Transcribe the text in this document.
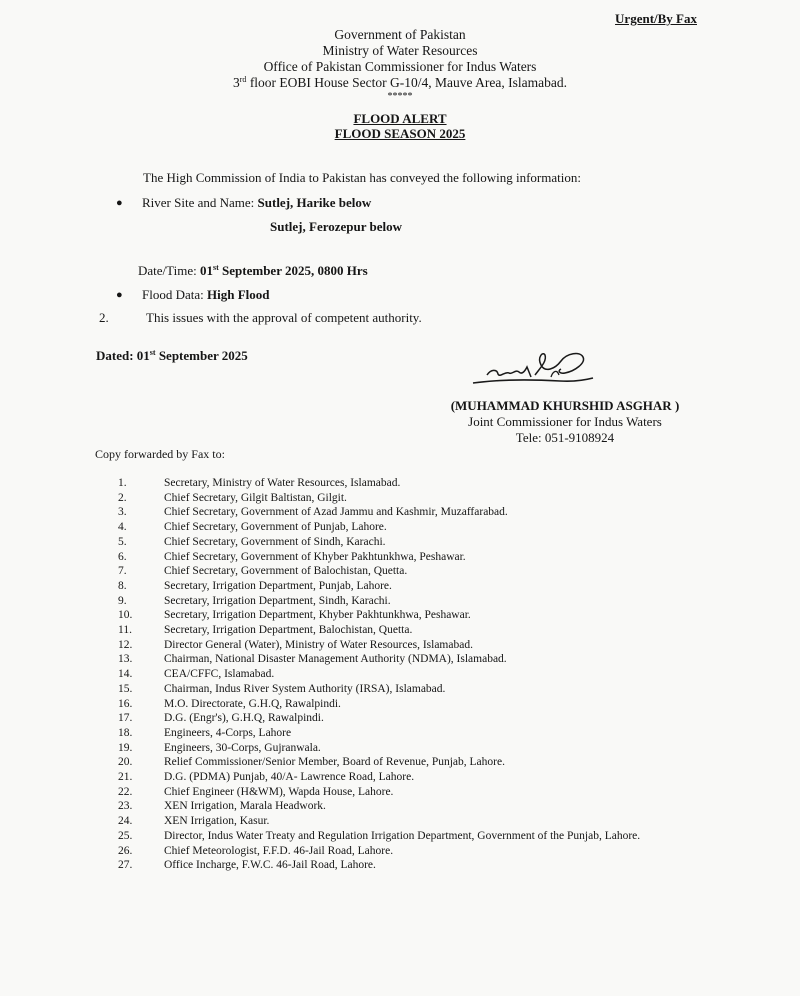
Urgent/By Fax
Government of Pakistan
Ministry of Water Resources
Office of Pakistan Commissioner for Indus Waters
3rd floor EOBI House Sector G-10/4, Mauve Area, Islamabad.
*****
FLOOD ALERT
FLOOD SEASON 2025
The High Commission of India to Pakistan has conveyed the following information:
● River Site and Name: Sutlej, Harike below
Sutlej, Ferozepur below
Date/Time: 01st September 2025, 0800 Hrs
● Flood Data: High Flood
2.	This issues with the approval of competent authority.
Dated: 01st September 2025
(MUHAMMAD KHURSHID ASGHAR )
Joint Commissioner for Indus Waters
Tele: 051-9108924
Copy forwarded by Fax to:
1.	Secretary, Ministry of Water Resources, Islamabad.
2.	Chief Secretary, Gilgit Baltistan, Gilgit.
3.	Chief Secretary, Government of Azad Jammu and Kashmir, Muzaffarabad.
4.	Chief Secretary, Government of Punjab, Lahore.
5.	Chief Secretary, Government of Sindh, Karachi.
6.	Chief Secretary, Government of Khyber Pakhtunkhwa, Peshawar.
7.	Chief Secretary, Government of Balochistan, Quetta.
8.	Secretary, Irrigation Department, Punjab, Lahore.
9.	Secretary, Irrigation Department, Sindh, Karachi.
10.	Secretary, Irrigation Department, Khyber Pakhtunkhwa, Peshawar.
11.	Secretary, Irrigation Department, Balochistan, Quetta.
12.	Director General (Water), Ministry of Water Resources, Islamabad.
13.	Chairman, National Disaster Management Authority (NDMA), Islamabad.
14.	CEA/CFFC, Islamabad.
15.	Chairman, Indus River System Authority (IRSA), Islamabad.
16.	M.O. Directorate, G.H.Q, Rawalpindi.
17.	D.G. (Engr's), G.H.Q, Rawalpindi.
18.	Engineers, 4-Corps, Lahore
19.	Engineers, 30-Corps, Gujranwala.
20.	Relief Commissioner/Senior Member, Board of Revenue, Punjab, Lahore.
21.	D.G. (PDMA) Punjab, 40/A- Lawrence Road, Lahore.
22.	Chief Engineer (H&WM), Wapda House, Lahore.
23.	XEN Irrigation, Marala Headwork.
24.	XEN Irrigation, Kasur.
25.	Director, Indus Water Treaty and Regulation Irrigation Department, Government of the Punjab, Lahore.
26.	Chief Meteorologist, F.F.D. 46-Jail Road, Lahore.
27.	Office Incharge, F.W.C. 46-Jail Road, Lahore.
